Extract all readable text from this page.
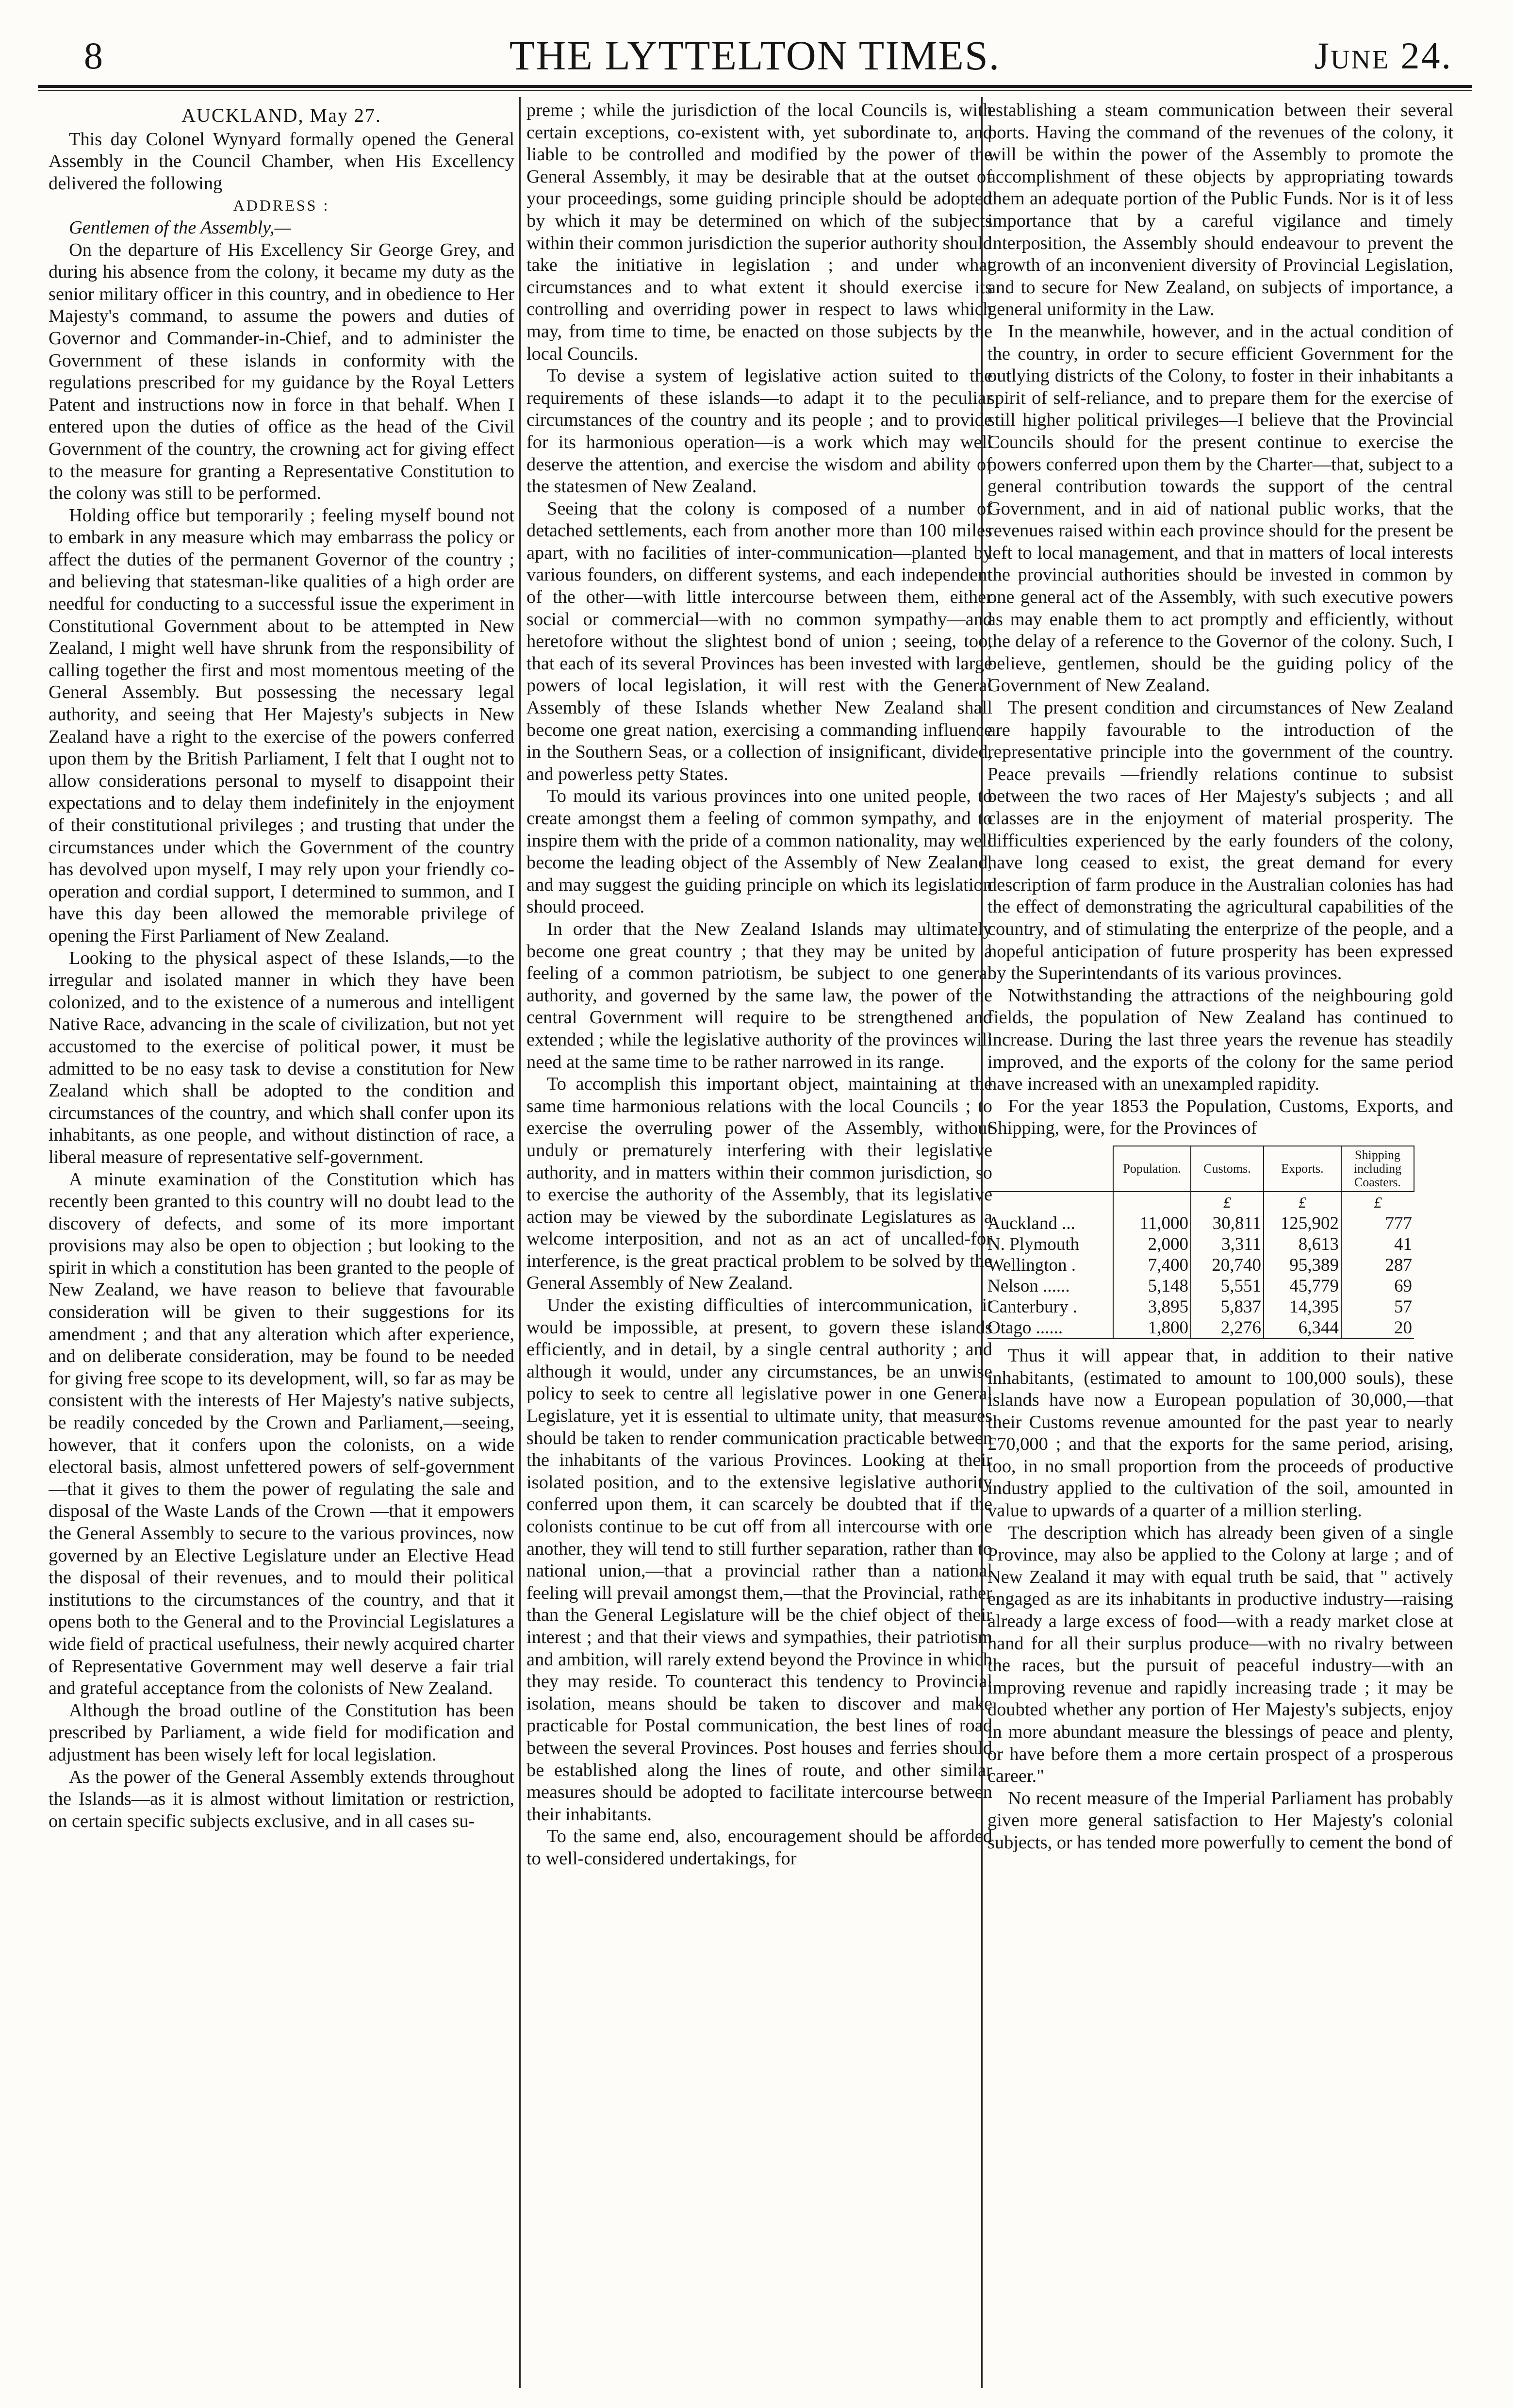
8	THE LYTTELTON TIMES.	June 24.
AUCKLAND, May 27.

This day Colonel Wynyard formally opened the General Assembly in the Council Chamber, when His Excellency delivered the following

ADDRESS :

Gentlemen of the Assembly,—

On the departure of His Excellency Sir George Grey, and during his absence from the colony, it became my duty as the senior military officer in this country, and in obedience to Her Majesty's command, to assume the powers and duties of Governor and Commander-in-Chief, and to administer the Government of these islands in conformity with the regulations prescribed for my guidance by the Royal Letters Patent and instructions now in force in that behalf. When I entered upon the duties of office as the head of the Civil Government of the country, the crowning act for giving effect to the measure for granting a Representative Constitution to the colony was still to be performed.

Holding office but temporarily ; feeling myself bound not to embark in any measure which may embarrass the policy or affect the duties of the permanent Governor of the country ; and believing that statesman-like qualities of a high order are needful for conducting to a successful issue the experiment in Constitutional Government about to be attempted in New Zealand, I might well have shrunk from the responsibility of calling together the first and most momentous meeting of the General Assembly. But possessing the necessary legal authority, and seeing that Her Majesty's subjects in New Zealand have a right to the exercise of the powers conferred upon them by the British Parliament, I felt that I ought not to allow considerations personal to myself to disappoint their expectations and to delay them indefinitely in the enjoyment of their constitutional privileges ; and trusting that under the circumstances under which the Government of the country has devolved upon myself, I may rely upon your friendly co-operation and cordial support, I determined to summon, and I have this day been allowed the memorable privilege of opening the First Parliament of New Zealand.

Looking to the physical aspect of these Islands,—to the irregular and isolated manner in which they have been colonized, and to the existence of a numerous and intelligent Native Race, advancing in the scale of civilization, but not yet accustomed to the exercise of political power, it must be admitted to be no easy task to devise a constitution for New Zealand which shall be adopted to the condition and circumstances of the country, and which shall confer upon its inhabitants, as one people, and without distinction of race, a liberal measure of representative self-government.

A minute examination of the Constitution which has recently been granted to this country will no doubt lead to the discovery of defects, and some of its more important provisions may also be open to objection ; but looking to the spirit in which a constitution has been granted to the people of New Zealand, we have reason to believe that favourable consideration will be given to their suggestions for its amendment ; and that any alteration which after experience, and on deliberate consideration, may be found to be needed for giving free scope to its development, will, so far as may be consistent with the interests of Her Majesty's native subjects, be readily conceded by the Crown and Parliament,—seeing, however, that it confers upon the colonists, on a wide electoral basis, almost unfettered powers of self-government—that it gives to them the power of regulating the sale and disposal of the Waste Lands of the Crown —that it empowers the General Assembly to secure to the various provinces, now governed by an Elective Legislature under an Elective Head the disposal of their revenues, and to mould their political institutions to the circumstances of the country, and that it opens both to the General and to the Provincial Legislatures a wide field of practical usefulness, their newly acquired charter of Representative Government may well deserve a fair trial and grateful acceptance from the colonists of New Zealand.

Although the broad outline of the Constitution has been prescribed by Parliament, a wide field for modification and adjustment has been wisely left for local legislation.

As the power of the General Assembly extends throughout the Islands—as it is almost without limitation or restriction, on certain specific subjects exclusive, and in all cases su-

preme ; while the jurisdiction of the local Councils is, with certain exceptions, co-existent with, yet subordinate to, and liable to be controlled and modified by the power of the General Assembly, it may be desirable that at the outset of your proceedings, some guiding principle should be adopted by which it may be determined on which of the subjects within their common jurisdiction the superior authority should take the initiative in legislation ; and under what circumstances and to what extent it should exercise its controlling and overriding power in respect to laws which may, from time to time, be enacted on those subjects by the local Councils.

To devise a system of legislative action suited to the requirements of these islands—to adapt it to the peculiar circumstances of the country and its people ; and to provide for its harmonious operation—is a work which may well deserve the attention, and exercise the wisdom and ability of the statesmen of New Zealand.

Seeing that the colony is composed of a number of detached settlements, each from another more than 100 miles apart, with no facilities of inter-communication—planted by various founders, on different systems, and each independent of the other—with little intercourse between them, either social or commercial—with no common sympathy—and heretofore without the slightest bond of union ; seeing, too, that each of its several Provinces has been invested with large powers of local legislation, it will rest with the General Assembly of these Islands whether New Zealand shall become one great nation, exercising a commanding influence in the Southern Seas, or a collection of insignificant, divided, and powerless petty States.

To mould its various provinces into one united people, to create amongst them a feeling of common sympathy, and to inspire them with the pride of a common nationality, may well become the leading object of the Assembly of New Zealand, and may suggest the guiding principle on which its legislation should proceed.

In order that the New Zealand Islands may ultimately become one great country ; that they may be united by a feeling of a common patriotism, be subject to one general authority, and governed by the same law, the power of the central Government will require to be strengthened and extended ; while the legislative authority of the provinces will need at the same time to be rather narrowed in its range.

To accomplish this important object, maintaining at the same time harmonious relations with the local Councils ; to exercise the overruling power of the Assembly, without unduly or prematurely interfering with their legislative authority, and in matters within their common jurisdiction, so to exercise the authority of the Assembly, that its legislative action may be viewed by the subordinate Legislatures as a welcome interposition, and not as an act of uncalled-for interference, is the great practical problem to be solved by the General Assembly of New Zealand.

Under the existing difficulties of intercommunication, it would be impossible, at present, to govern these islands efficiently, and in detail, by a single central authority ; and although it would, under any circumstances, be an unwise policy to seek to centre all legislative power in one General Legislature, yet it is essential to ultimate unity, that measures should be taken to render communication practicable between the inhabitants of the various Provinces. Looking at their isolated position, and to the extensive legislative authority conferred upon them, it can scarcely be doubted that if the colonists continue to be cut off from all intercourse with one another, they will tend to still further separation, rather than to national union,—that a provincial rather than a national feeling will prevail amongst them,—that the Provincial, rather than the General Legislature will be the chief object of their interest ; and that their views and sympathies, their patriotism and ambition, will rarely extend beyond the Province in which they may reside. To counteract this tendency to Provincial isolation, means should be taken to discover and make practicable for Postal communication, the best lines of road between the several Provinces. Post houses and ferries should be established along the lines of route, and other similar measures should be adopted to facilitate intercourse between their inhabitants.

To the same end, also, encouragement should be afforded to well-considered undertakings, for

establishing a steam communication between their several ports. Having the command of the revenues of the colony, it will be within the power of the Assembly to promote the accomplishment of these objects by appropriating towards them an adequate portion of the Public Funds. Nor is it of less importance that by a careful vigilance and timely interposition, the Assembly should endeavour to prevent the growth of an inconvenient diversity of Provincial Legislation, and to secure for New Zealand, on subjects of importance, a general uniformity in the Law.

In the meanwhile, however, and in the actual condition of the country, in order to secure efficient Government for the outlying districts of the Colony, to foster in their inhabitants a spirit of self-reliance, and to prepare them for the exercise of still higher political privileges—I believe that the Provincial Councils should for the present continue to exercise the powers conferred upon them by the Charter—that, subject to a general contribution towards the support of the central Government, and in aid of national public works, that the revenues raised within each province should for the present be left to local management, and that in matters of local interests the provincial authorities should be invested in common by one general act of the Assembly, with such executive powers as may enable them to act promptly and efficiently, without the delay of a reference to the Governor of the colony. Such, I believe, gentlemen, should be the guiding policy of the Government of New Zealand.

The present condition and circumstances of New Zealand are happily favourable to the introduction of the representative principle into the government of the country. Peace prevails —friendly relations continue to subsist between the two races of Her Majesty's subjects ; and all classes are in the enjoyment of material prosperity. The difficulties experienced by the early founders of the colony, have long ceased to exist, the great demand for every description of farm produce in the Australian colonies has had the effect of demonstrating the agricultural capabilities of the country, and of stimulating the enterprize of the people, and a hopeful anticipation of future prosperity has been expressed by the Superintendants of its various provinces.

Notwithstanding the attractions of the neighbouring gold fields, the population of New Zealand has continued to increase. During the last three years the revenue has steadily improved, and the exports of the colony for the same period have increased with an unexampled rapidity.

For the year 1853 the Population, Customs, Exports, and Shipping, were, for the Provinces of

	Population.	Customs.	Exports.	Shipping including Coasters.
		£	£	£
Auckland ...	11,000	30,811	125,902	777
N. Plymouth	2,000	3,311	8,613	41
Wellington .	7,400	20,740	95,389	287
Nelson ......	5,148	5,551	45,779	69
Canterbury .	3,895	5,837	14,395	57
Otago ......	1,800	2,276	6,344	20

Thus it will appear that, in addition to their native inhabitants, (estimated to amount to 100,000 souls), these islands have now a European population of 30,000,—that their Customs revenue amounted for the past year to nearly £70,000 ; and that the exports for the same period, arising, too, in no small proportion from the proceeds of productive industry applied to the cultivation of the soil, amounted in value to upwards of a quarter of a million sterling.

The description which has already been given of a single Province, may also be applied to the Colony at large ; and of New Zealand it may with equal truth be said, that " actively engaged as are its inhabitants in productive industry—raising already a large excess of food—with a ready market close at hand for all their surplus produce—with no rivalry between the races, but the pursuit of peaceful industry—with an improving revenue and rapidly increasing trade ; it may be doubted whether any portion of Her Majesty's subjects, enjoy in more abundant measure the blessings of peace and plenty, or have before them a more certain prospect of a prosperous career."

No recent measure of the Imperial Parliament has probably given more general satisfaction to Her Majesty's colonial subjects, or has tended more powerfully to cement the bond of
